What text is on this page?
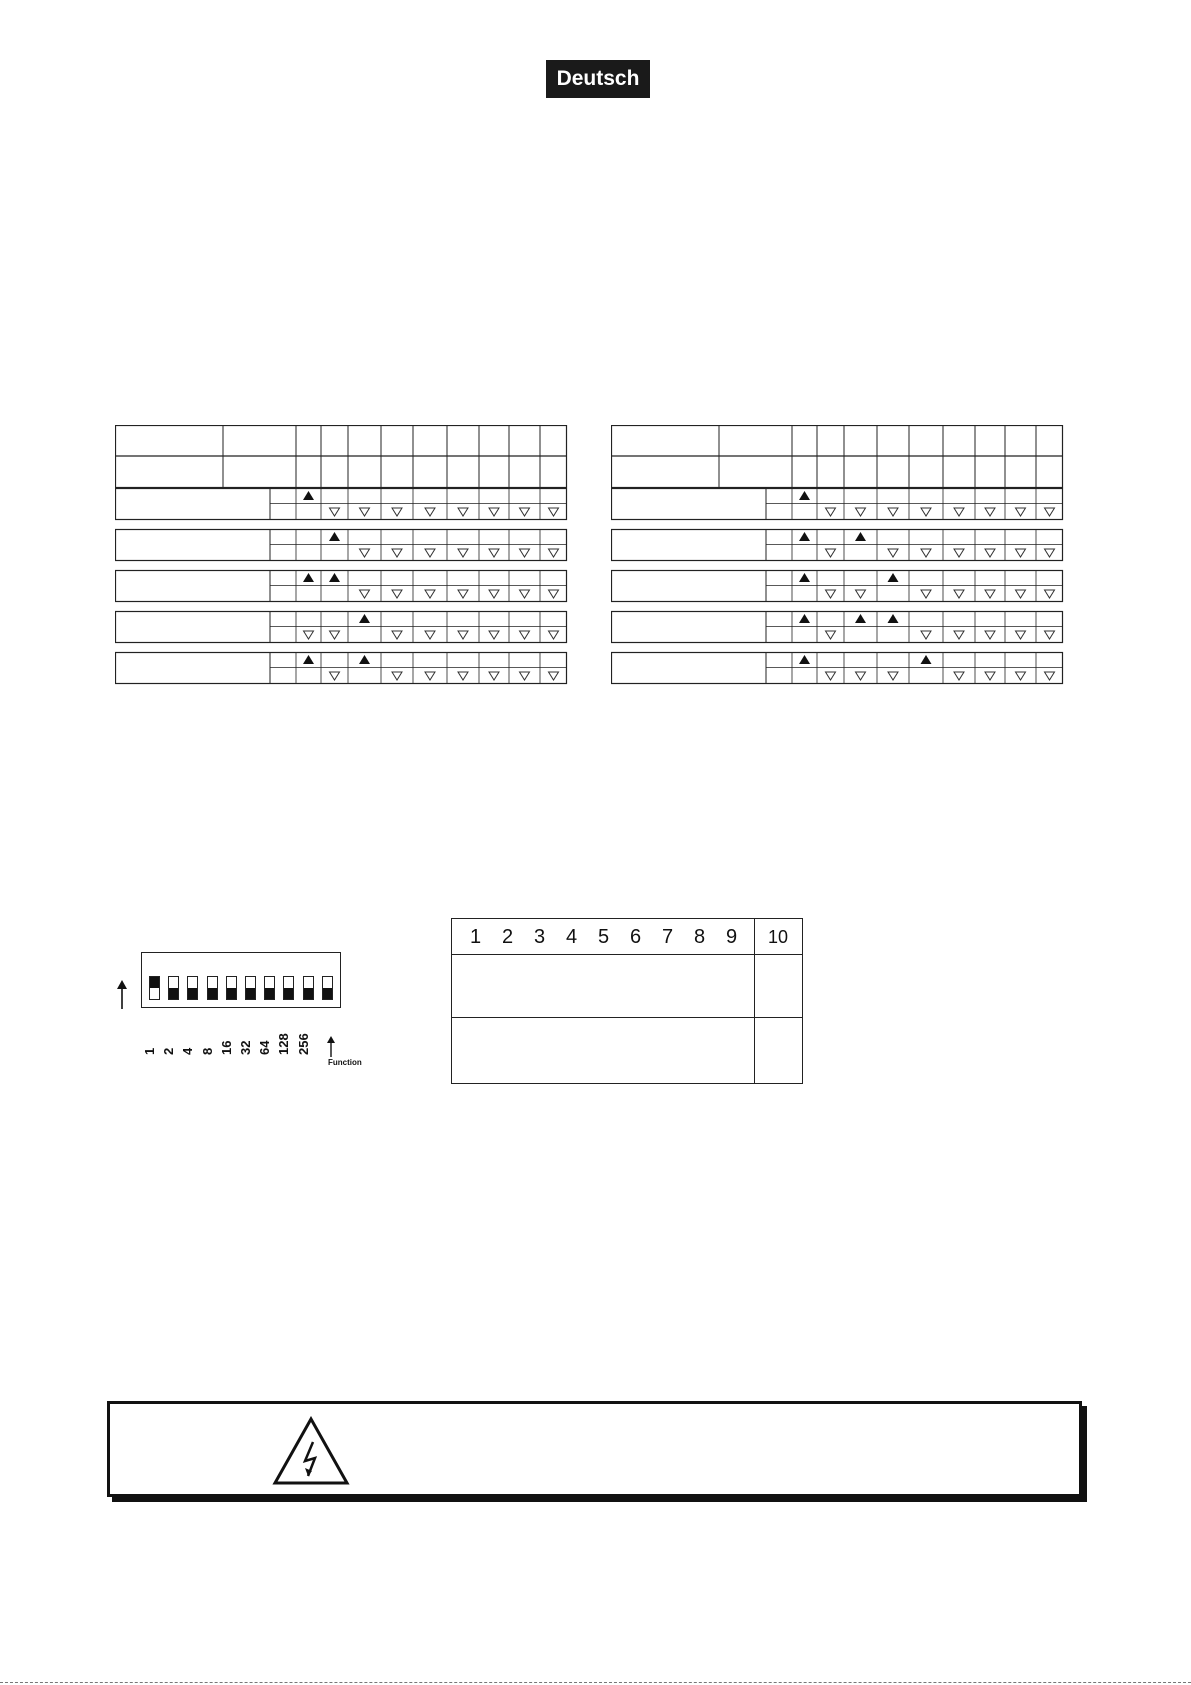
Deutsch
1 2 4 8 16 32 64 128 256
Function
10
1 2 3 4 5 6 7 8 9
